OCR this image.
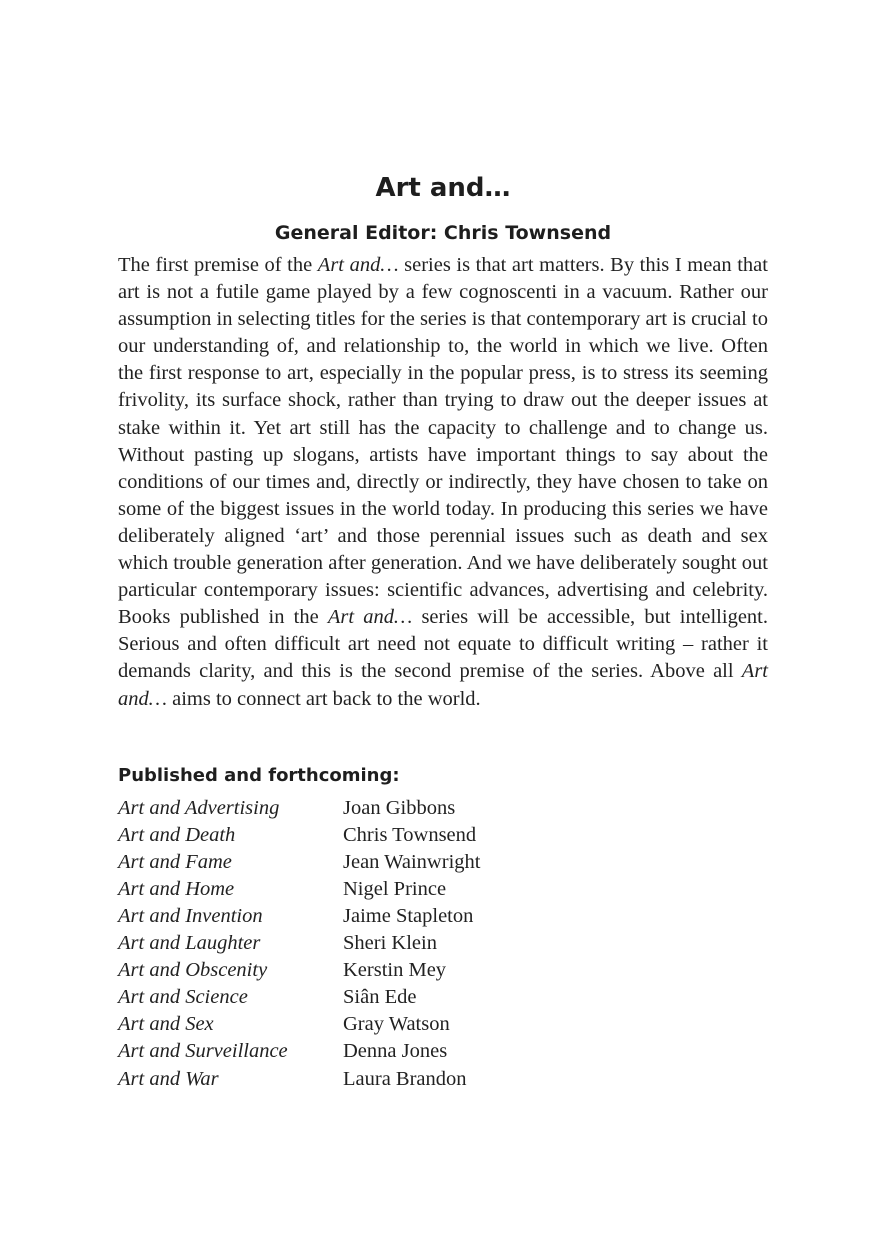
Art and…
General Editor: Chris Townsend

The first premise of the Art and… series is that art matters. By this I mean that art is not a futile game played by a few cognoscenti in a vacuum. Rather our assumption in selecting titles for the series is that contemporary art is crucial to our understanding of, and relationship to, the world in which we live. Often the first response to art, especially in the popular press, is to stress its seeming frivolity, its surface shock, rather than trying to draw out the deeper issues at stake within it. Yet art still has the capacity to challenge and to change us. Without pasting up slogans, artists have important things to say about the conditions of our times and, directly or indirectly, they have chosen to take on some of the biggest issues in the world today. In producing this series we have deliberately aligned ‘art’ and those perennial issues such as death and sex which trouble generation after generation. And we have deliberately sought out particular contemporary issues: scientific advances, advertising and celebrity. Books published in the Art and… series will be accessible, but intelligent. Serious and often difficult art need not equate to difficult writing – rather it demands clarity, and this is the second premise of the series. Above all Art and… aims to connect art back to the world.

Published and forthcoming:
Art and Advertising	Joan Gibbons
Art and Death	Chris Townsend
Art and Fame	Jean Wainwright
Art and Home	Nigel Prince
Art and Invention	Jaime Stapleton
Art and Laughter	Sheri Klein
Art and Obscenity	Kerstin Mey
Art and Science	Siân Ede
Art and Sex	Gray Watson
Art and Surveillance	Denna Jones
Art and War	Laura Brandon
